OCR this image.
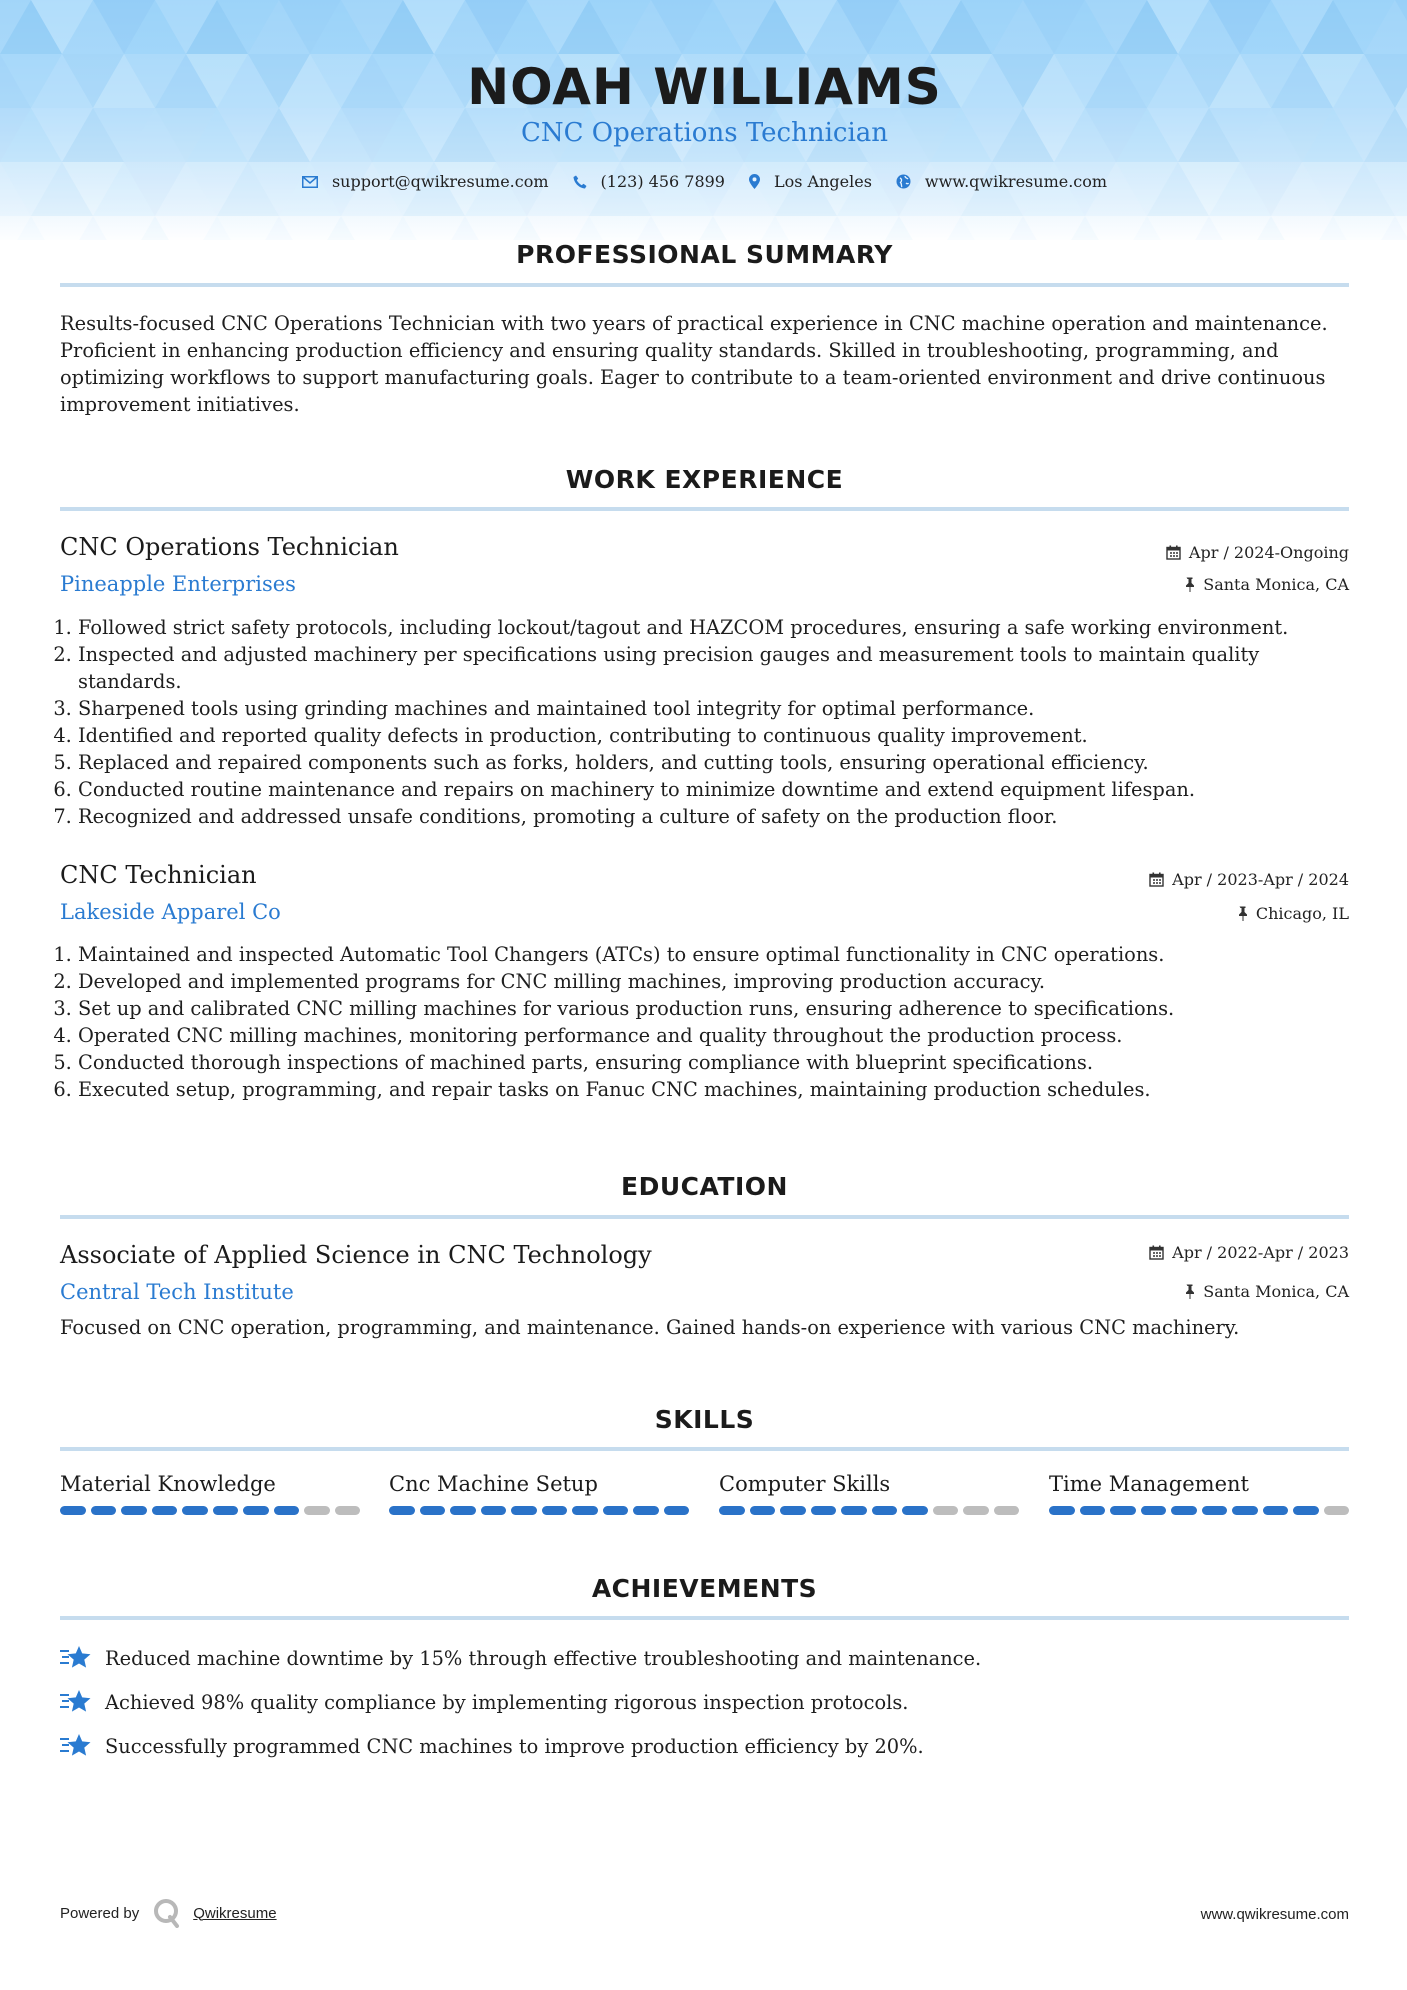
NOAH WILLIAMS
CNC Operations Technician
support@qwikresume.com	(123) 456 7899	Los Angeles	www.qwikresume.com
PROFESSIONAL SUMMARY
Results-focused CNC Operations Technician with two years of practical experience in CNC machine operation and maintenance. Proficient in enhancing production efficiency and ensuring quality standards. Skilled in troubleshooting, programming, and optimizing workflows to support manufacturing goals. Eager to contribute to a team-oriented environment and drive continuous improvement initiatives.
WORK EXPERIENCE
CNC Operations Technician
Pineapple Enterprises
Apr / 2024-Ongoing
Santa Monica, CA
1. Followed strict safety protocols, including lockout/tagout and HAZCOM procedures, ensuring a safe working environment.
2. Inspected and adjusted machinery per specifications using precision gauges and measurement tools to maintain quality standards.
3. Sharpened tools using grinding machines and maintained tool integrity for optimal performance.
4. Identified and reported quality defects in production, contributing to continuous quality improvement.
5. Replaced and repaired components such as forks, holders, and cutting tools, ensuring operational efficiency.
6. Conducted routine maintenance and repairs on machinery to minimize downtime and extend equipment lifespan.
7. Recognized and addressed unsafe conditions, promoting a culture of safety on the production floor.
CNC Technician
Lakeside Apparel Co
Apr / 2023-Apr / 2024
Chicago, IL
1. Maintained and inspected Automatic Tool Changers (ATCs) to ensure optimal functionality in CNC operations.
2. Developed and implemented programs for CNC milling machines, improving production accuracy.
3. Set up and calibrated CNC milling machines for various production runs, ensuring adherence to specifications.
4. Operated CNC milling machines, monitoring performance and quality throughout the production process.
5. Conducted thorough inspections of machined parts, ensuring compliance with blueprint specifications.
6. Executed setup, programming, and repair tasks on Fanuc CNC machines, maintaining production schedules.
EDUCATION
Associate of Applied Science in CNC Technology
Central Tech Institute
Apr / 2022-Apr / 2023
Santa Monica, CA
Focused on CNC operation, programming, and maintenance. Gained hands-on experience with various CNC machinery.
SKILLS
Material Knowledge	Cnc Machine Setup	Computer Skills	Time Management
ACHIEVEMENTS
Reduced machine downtime by 15% through effective troubleshooting and maintenance.
Achieved 98% quality compliance by implementing rigorous inspection protocols.
Successfully programmed CNC machines to improve production efficiency by 20%.
Powered by	Qwikresume	www.qwikresume.com
